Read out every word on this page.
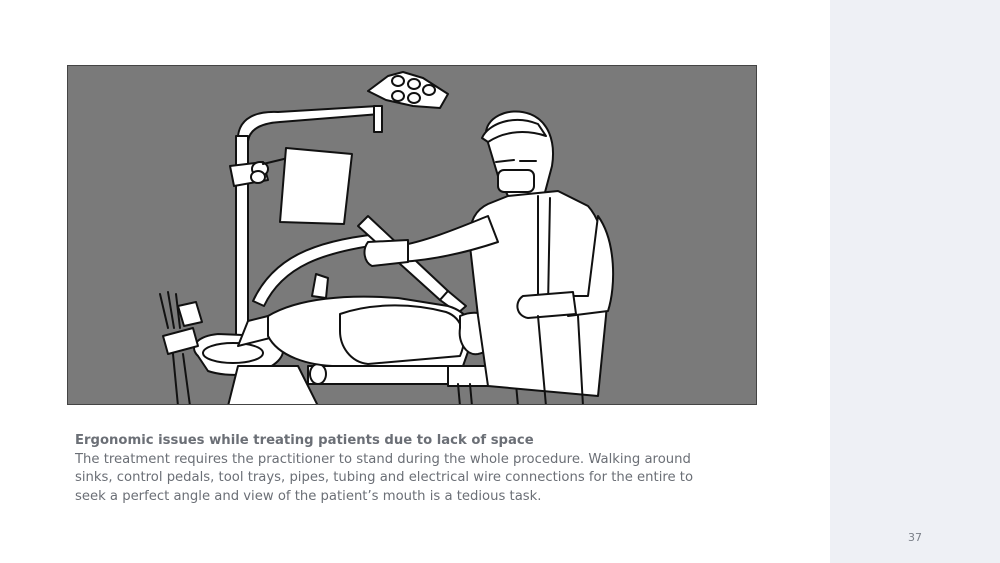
Ergonomic issues while treating patients due to lack of space
The treatment requires the practitioner to stand during the whole procedure. Walking around sinks, control pedals, tool trays, pipes, tubing and electrical wire connections for the entire to seek a perfect angle and view of the patient’s mouth is a tedious task.
37
